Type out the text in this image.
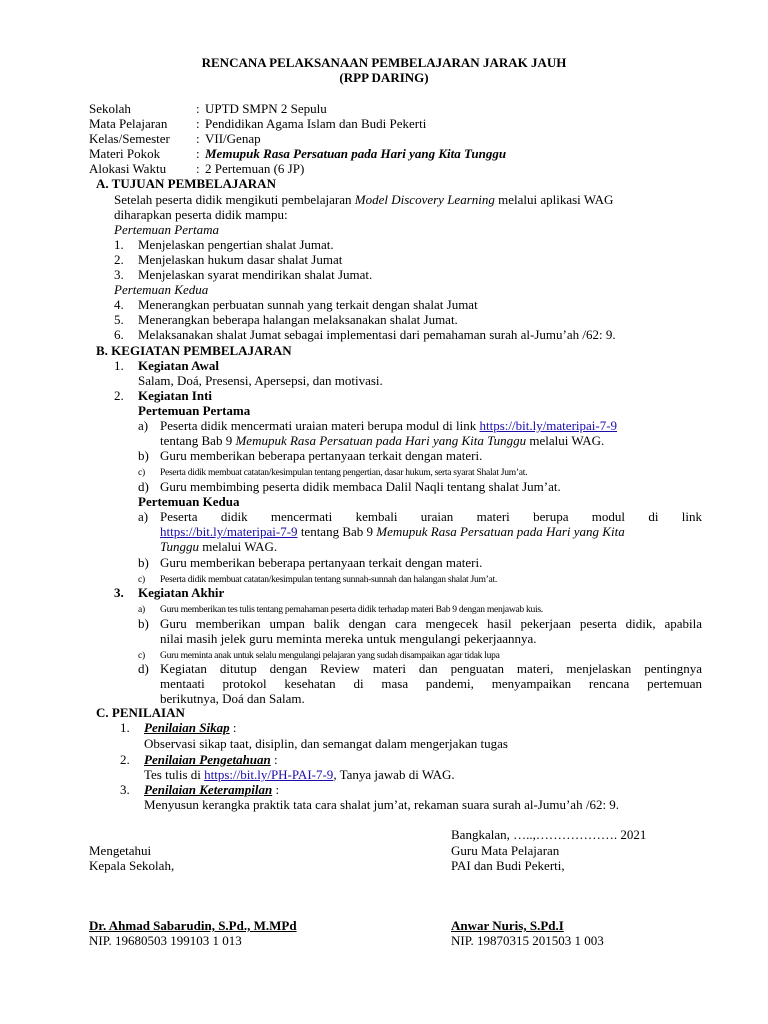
RENCANA PELAKSANAAN PEMBELAJARAN JARAK JAUH
(RPP DARING)
Sekolah	: UPTD SMPN 2 Sepulu
Mata Pelajaran : Pendidikan Agama Islam dan Budi Pekerti
Kelas/Semester : VII/Genap
Materi Pokok	: Memupuk Rasa Persatuan pada Hari yang Kita Tunggu
Alokasi Waktu : 2 Pertemuan (6 JP)
A. TUJUAN PEMBELAJARAN
Setelah peserta didik mengikuti pembelajaran Model Discovery Learning melalui aplikasi WAG
diharapkan peserta didik mampu:
Pertemuan Pertama
1. Menjelaskan pengertian shalat Jumat.
2. Menjelaskan hukum dasar shalat Jumat
3. Menjelaskan syarat mendirikan shalat Jumat.
Pertemuan Kedua
4. Menerangkan perbuatan sunnah yang terkait dengan shalat Jumat
5. Menerangkan beberapa halangan melaksanakan shalat Jumat.
6. Melaksanakan shalat Jumat sebagai implementasi dari pemahaman surah al-Jumu’ah /62: 9.
B. KEGIATAN PEMBELAJARAN
1. Kegiatan Awal
Salam, Doá, Presensi, Apersepsi, dan motivasi.
2. Kegiatan Inti
Pertemuan Pertama
a) Peserta didik mencermati uraian materi berupa modul di link https://bit.ly/materipai-7-9
tentang Bab 9 Memupuk Rasa Persatuan pada Hari yang Kita Tunggu melalui WAG.
b) Guru memberikan beberapa pertanyaan terkait dengan materi.
c) Peserta didik membuat catatan/kesimpulan tentang pengertian, dasar hukum, serta syarat Shalat Jum’at.
d) Guru membimbing peserta didik membaca Dalil Naqli tentang shalat Jum’at.
Pertemuan Kedua
a) Peserta didik mencermati kembali uraian materi berupa modul di link
https://bit.ly/materipai-7-9 tentang Bab 9 Memupuk Rasa Persatuan pada Hari yang Kita
Tunggu melalui WAG.
b) Guru memberikan beberapa pertanyaan terkait dengan materi.
c) Peserta didik membuat catatan/kesimpulan tentang sunnah-sunnah dan halangan shalat Jum’at.
3. Kegiatan Akhir
a) Guru memberikan tes tulis tentang pemahaman peserta didik terhadap materi Bab 9 dengan menjawab kuis.
b) Guru memberikan umpan balik dengan cara mengecek hasil pekerjaan peserta didik, apabila
nilai masih jelek guru meminta mereka untuk mengulangi pekerjaannya.
c) Guru meminta anak untuk selalu mengulangi pelajaran yang sudah disampaikan agar tidak lupa
d) Kegiatan ditutup dengan Review materi dan penguatan materi, menjelaskan pentingnya
mentaati protokol kesehatan di masa pandemi, menyampaikan rencana pertemuan
berikutnya, Doá dan Salam.
C. PENILAIAN
1. Penilaian Sikap :
Observasi sikap taat, disiplin, dan semangat dalam mengerjakan tugas
2. Penilaian Pengetahuan :
Tes tulis di https://bit.ly/PH-PAI-7-9, Tanya jawab di WAG.
3. Penilaian Keterampilan :
Menyusun kerangka praktik tata cara shalat jum’at, rekaman suara surah al-Jumu’ah /62: 9.
Bangkalan, …..,………………. 2021
Mengetahui
Kepala Sekolah,
Guru Mata Pelajaran
PAI dan Budi Pekerti,
Dr. Ahmad Sabarudin, S.Pd., M.MPd
NIP. 19680503 199103 1 013
Anwar Nuris, S.Pd.I
NIP. 19870315 201503 1 003
